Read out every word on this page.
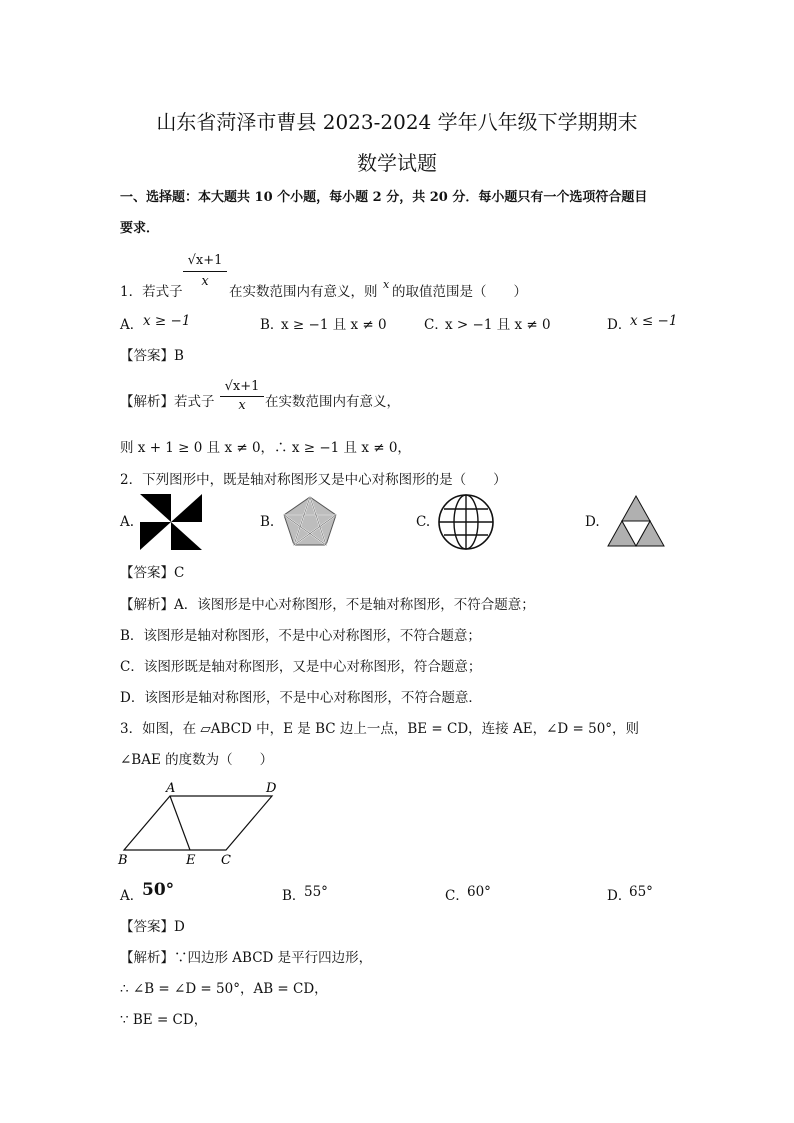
山东省菏泽市曹县 2023-2024 学年八年级下学期期末
数学试题
一、选择题：本大题共 10 个小题，每小题 2 分，共 20 分．每小题只有一个选项符合题目
要求．
1．若式子
$\frac{√x+1}{x}$
在实数范围内有意义，则 x 的取值范围是（　　）
A． x ≥ −1	B．
x ≥ −1 且 x ≠ 0	C．
x > −1 且 x ≠ 0	D．
x ≤ −1
【答案】B
【解析】若式子 $\frac{√x+1}{x}$ 在实数范围内有意义，
则 x + 1 ≥ 0 且 x ≠ 0，∴ x ≥ −1 且 x ≠ 0，
2．下列图形中，既是轴对称图形又是中心对称图形的是（　　）
A.	B.	C.	D.
【答案】C
【解析】A．该图形是中心对称图形，不是轴对称图形，不符合题意；
B．该图形是轴对称图形，不是中心对称图形，不符合题意；
C．该图形既是轴对称图形，又是中心对称图形，符合题意；
D．该图形是轴对称图形，不是中心对称图形，不符合题意．
3．如图，在 ▱ABCD 中，E 是 BC 边上一点，BE = CD，连接 AE，∠D = 50°，则
∠BAE 的度数为（　　）
A	D
B	E C
A．
50°	B．
55°	C．
60°	D．
65°
【答案】D
【解析】∵四边形 ABCD 是平行四边形，
∴ ∠B = ∠D = 50°，AB = CD，
∵ BE = CD，
